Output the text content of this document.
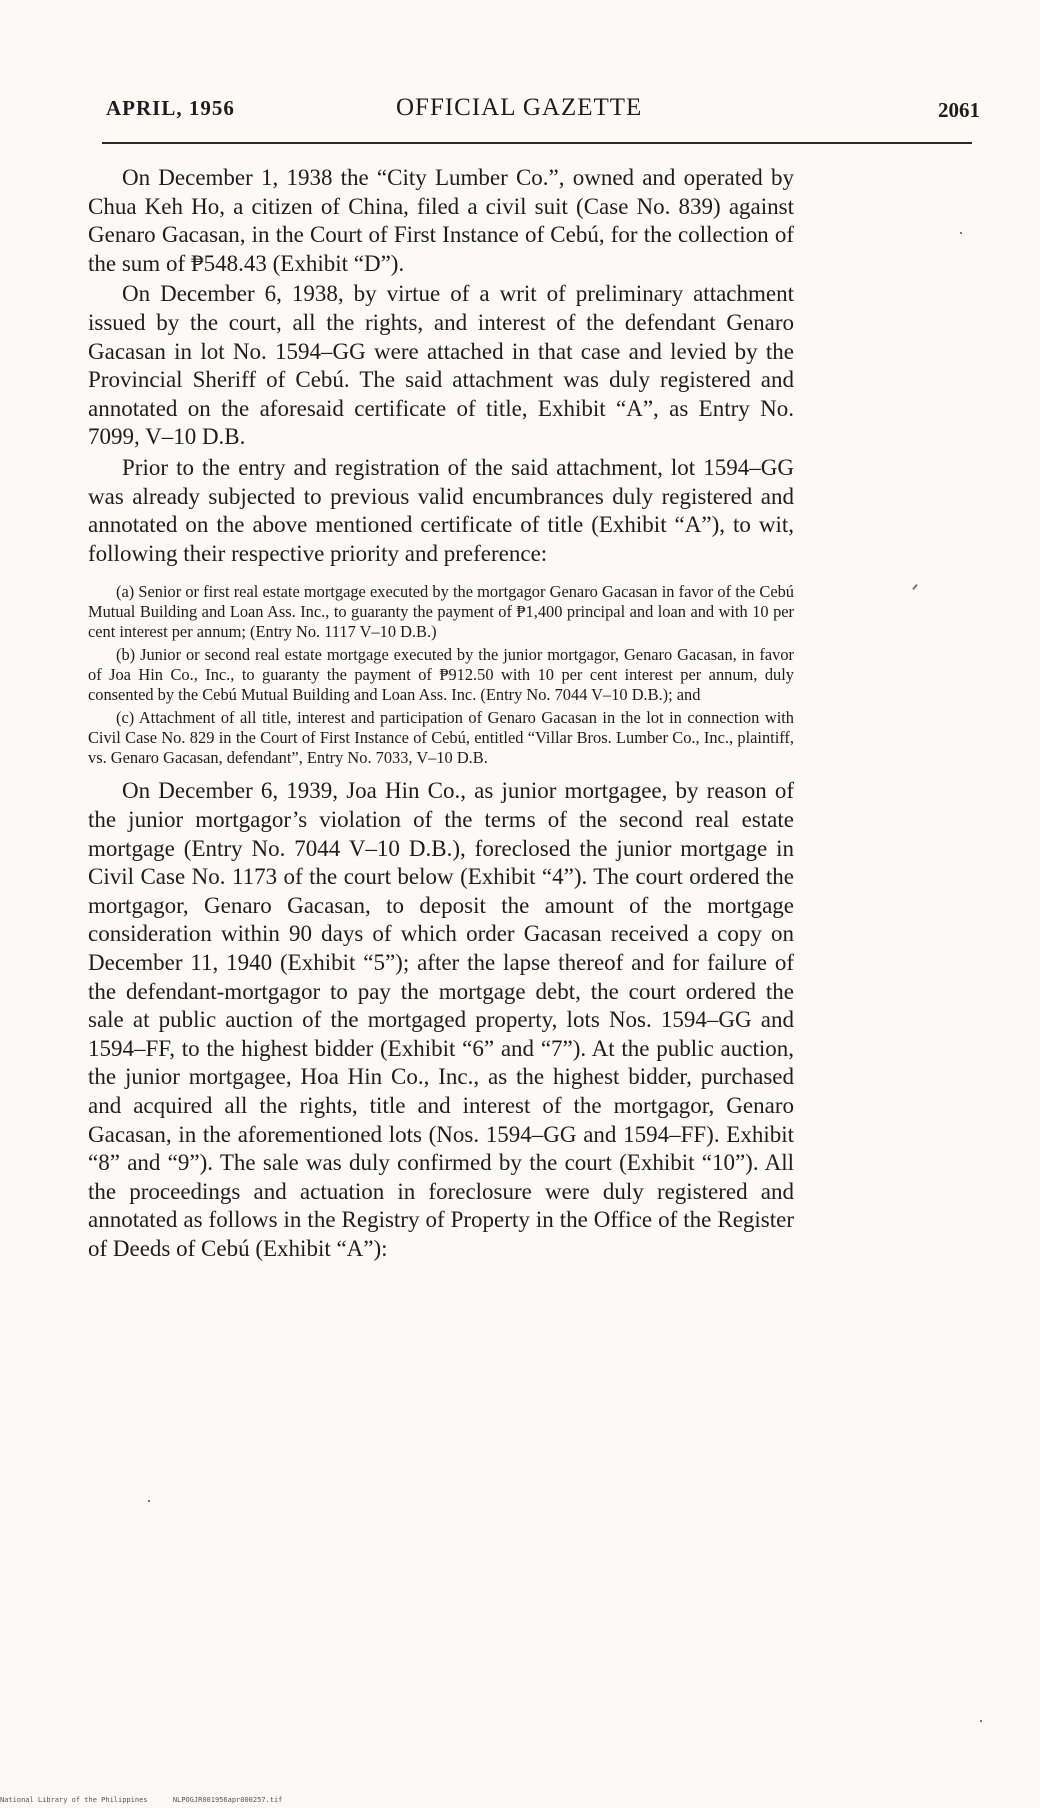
APRIL, 1956	OFFICIAL GAZETTE	2061

On December 1, 1938 the “City Lumber Co.”, owned and operated by Chua Keh Ho, a citizen of China, filed a civil suit (Case No. 839) against Genaro Gacasan, in the Court of First Instance of Cebú, for the collection of the sum of ₱548.43 (Exhibit “D”).

On December 6, 1938, by virtue of a writ of preliminary attachment issued by the court, all the rights, and interest of the defendant Genaro Gacasan in lot No. 1594–GG were attached in that case and levied by the Provincial Sheriff of Cebú. The said attachment was duly registered and annotated on the aforesaid certificate of title, Exhibit “A”, as Entry No. 7099, V–10 D.B.

Prior to the entry and registration of the said attachment, lot 1594–GG was already subjected to previous valid encumbrances duly registered and annotated on the above mentioned certificate of title (Exhibit “A”), to wit, following their respective priority and preference:

(a) Senior or first real estate mortgage executed by the mortgagor Genaro Gacasan in favor of the Cebú Mutual Building and Loan Ass. Inc., to guaranty the payment of ₱1,400 principal and loan and with 10 per cent interest per annum; (Entry No. 1117 V–10 D.B.)

(b) Junior or second real estate mortgage executed by the junior mortgagor, Genaro Gacasan, in favor of Joa Hin Co., Inc., to guaranty the payment of ₱912.50 with 10 per cent interest per annum, duly consented by the Cebú Mutual Building and Loan Ass. Inc. (Entry No. 7044 V–10 D.B.); and

(c) Attachment of all title, interest and participation of Genaro Gacasan in the lot in connection with Civil Case No. 829 in the Court of First Instance of Cebú, entitled “Villar Bros. Lumber Co., Inc., plaintiff, vs. Genaro Gacasan, defendant”, Entry No. 7033, V–10 D.B.

On December 6, 1939, Joa Hin Co., as junior mortgagee, by reason of the junior mortgagor’s violation of the terms of the second real estate mortgage (Entry No. 7044 V–10 D.B.), foreclosed the junior mortgage in Civil Case No. 1173 of the court below (Exhibit “4”). The court ordered the mortgagor, Genaro Gacasan, to deposit the amount of the mortgage consideration within 90 days of which order Gacasan received a copy on December 11, 1940 (Exhibit “5”); after the lapse thereof and for failure of the defendant-mortgagor to pay the mortgage debt, the court ordered the sale at public auction of the mortgaged property, lots Nos. 1594–GG and 1594–FF, to the highest bidder (Exhibit “6” and “7”). At the public auction, the junior mortgagee, Hoa Hin Co., Inc., as the highest bidder, purchased and acquired all the rights, title and interest of the mortgagor, Genaro Gacasan, in the aforementioned lots (Nos. 1594–GG and 1594–FF). Exhibit “8” and “9”). The sale was duly confirmed by the court (Exhibit “10”). All the proceedings and actuation in foreclosure were duly registered and annotated as follows in the Registry of Property in the Office of the Register of Deeds of Cebú (Exhibit “A”):

National Library of the Philippines	NLPOGJR001956apr000257.tif
